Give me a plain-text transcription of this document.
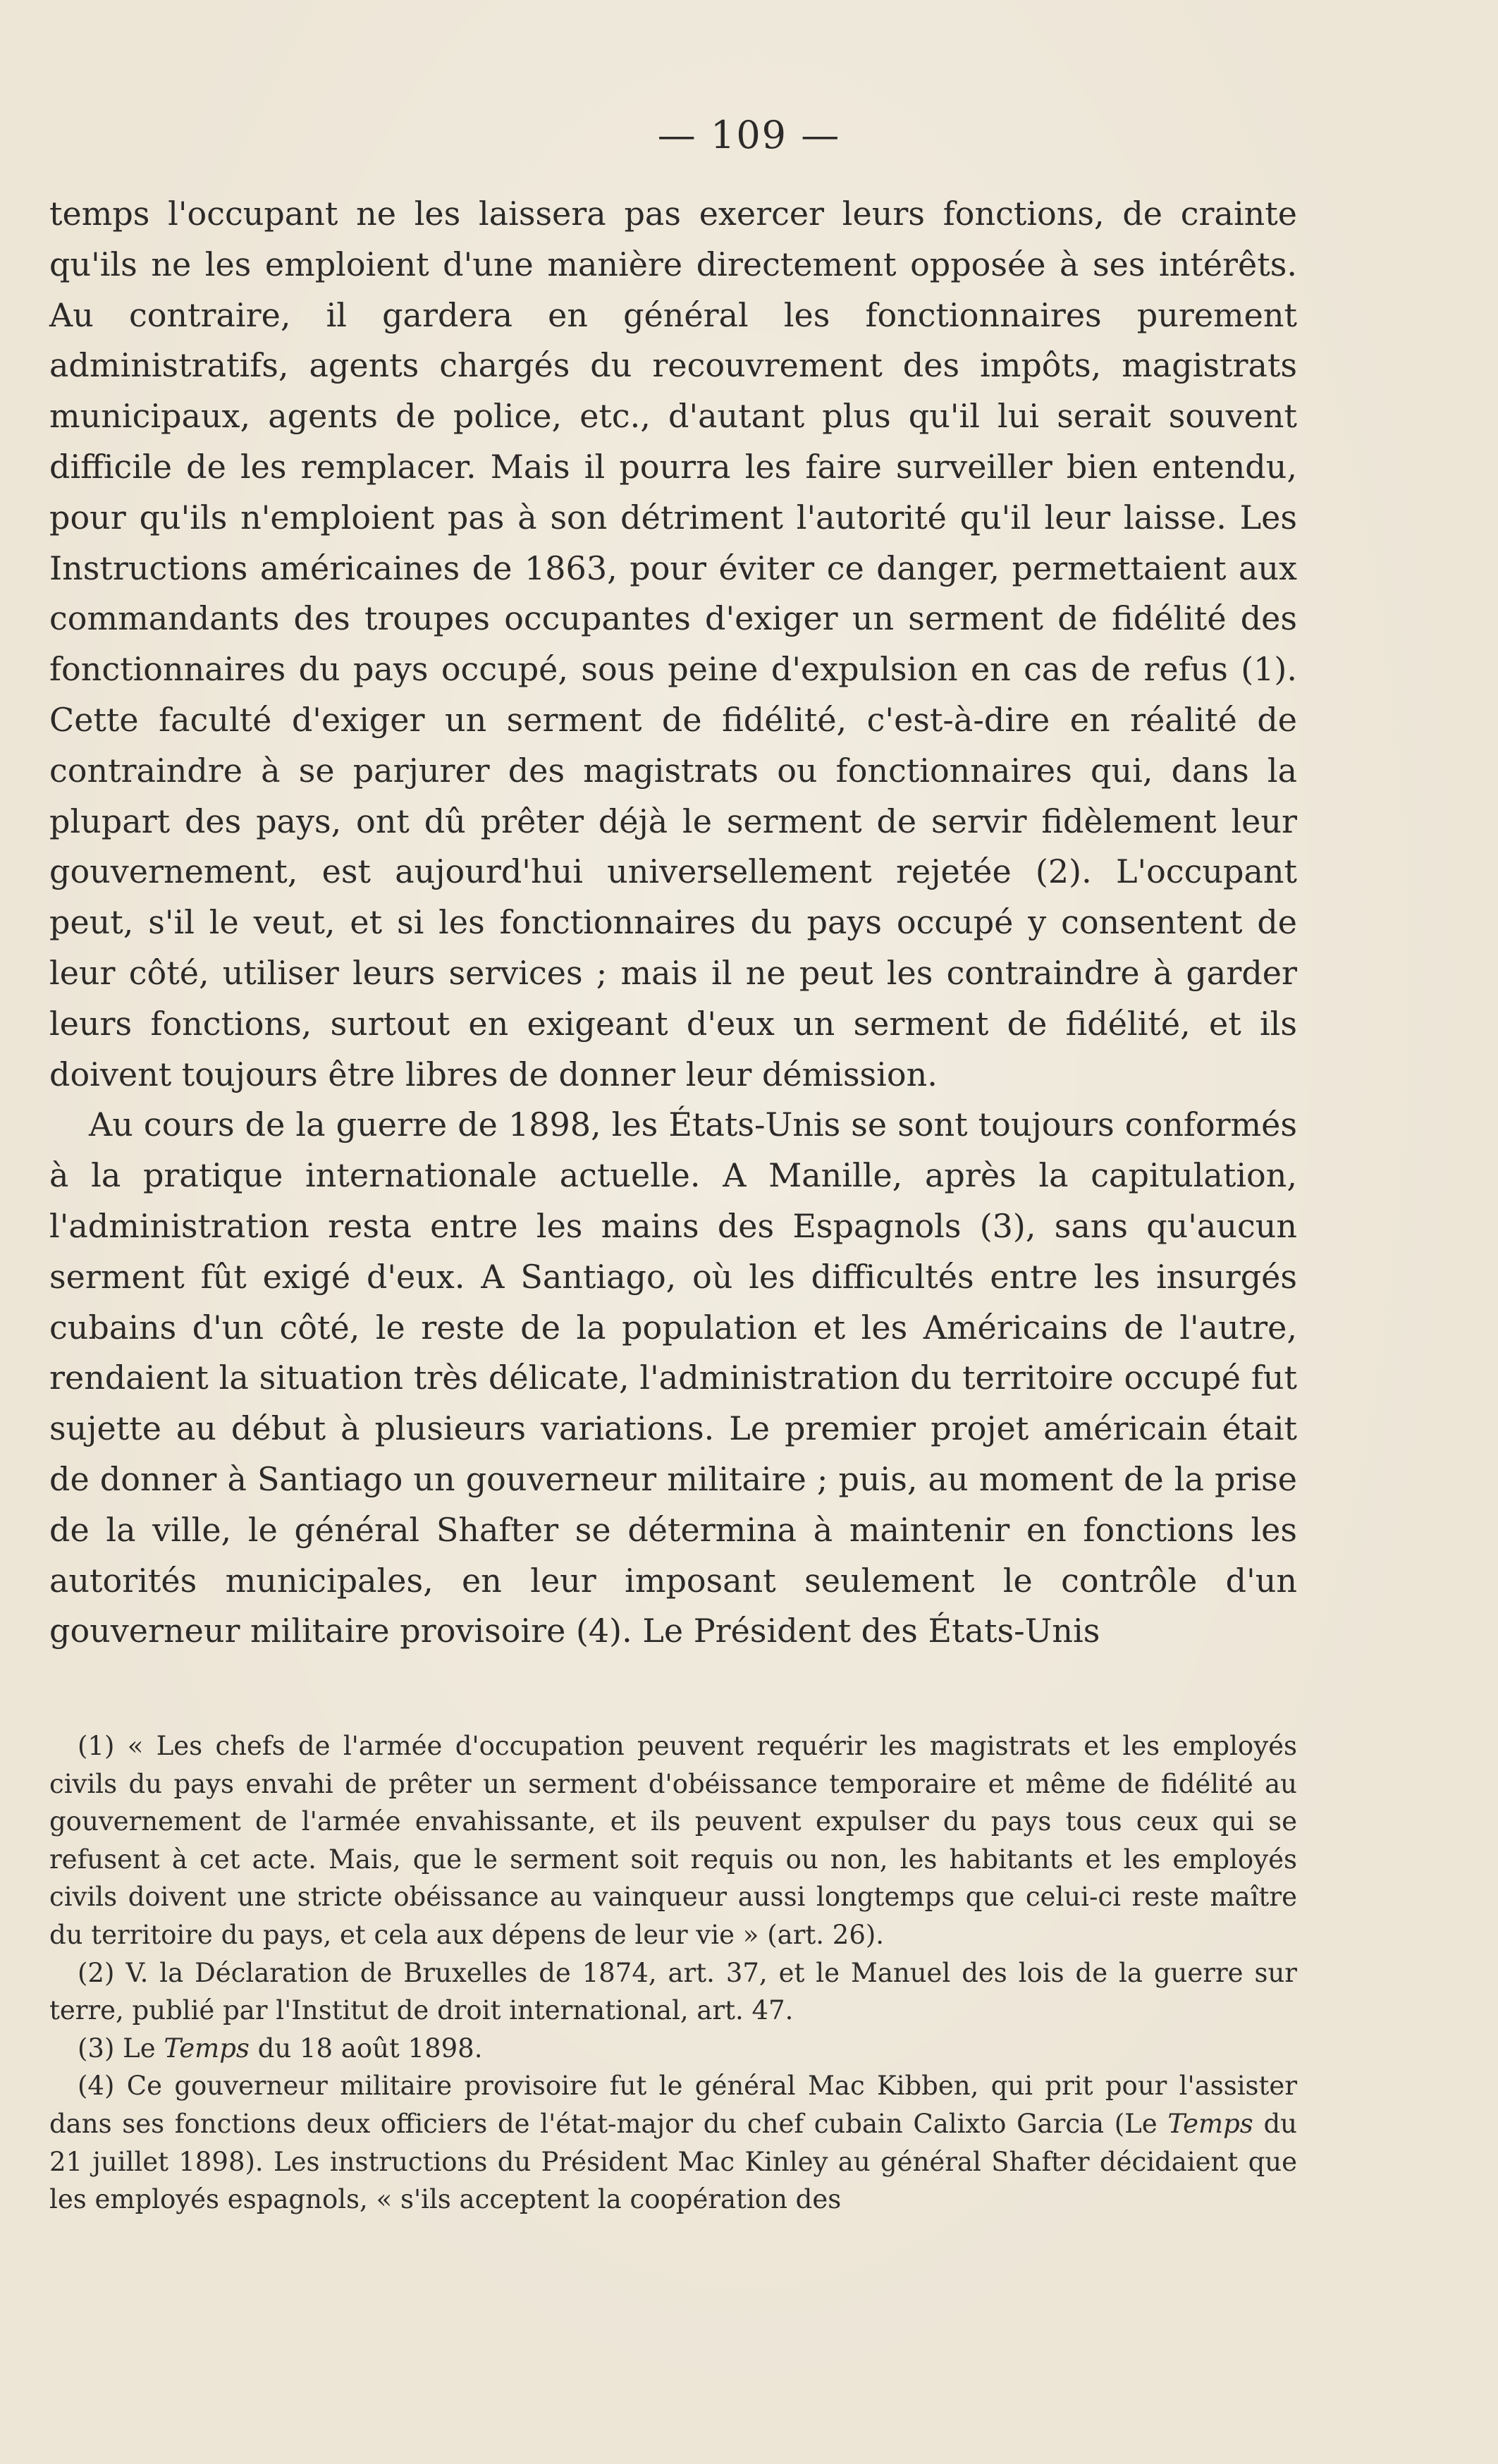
— 109 —

temps l'occupant ne les laissera pas exercer leurs fonctions, de crainte qu'ils ne les emploient d'une manière directement opposée à ses intérêts. Au contraire, il gardera en général les fonctionnaires purement administratifs, agents chargés du recouvrement des impôts, magistrats municipaux, agents de police, etc., d'autant plus qu'il lui serait souvent difficile de les remplacer. Mais il pourra les faire surveiller bien entendu, pour qu'ils n'emploient pas à son détriment l'autorité qu'il leur laisse. Les Instructions américaines de 1863, pour éviter ce danger, permettaient aux commandants des troupes occupantes d'exiger un serment de fidélité des fonctionnaires du pays occupé, sous peine d'expulsion en cas de refus (1). Cette faculté d'exiger un serment de fidélité, c'est-à-dire en réalité de contraindre à se parjurer des magistrats ou fonctionnaires qui, dans la plupart des pays, ont dû prêter déjà le serment de servir fidèlement leur gouvernement, est aujourd'hui universellement rejetée (2). L'occupant peut, s'il le veut, et si les fonctionnaires du pays occupé y consentent de leur côté, utiliser leurs services ; mais il ne peut les contraindre à garder leurs fonctions, surtout en exigeant d'eux un serment de fidélité, et ils doivent toujours être libres de donner leur démission.

Au cours de la guerre de 1898, les États-Unis se sont toujours conformés à la pratique internationale actuelle. A Manille, après la capitulation, l'administration resta entre les mains des Espagnols (3), sans qu'aucun serment fût exigé d'eux. A Santiago, où les difficultés entre les insurgés cubains d'un côté, le reste de la population et les Américains de l'autre, rendaient la situation très délicate, l'administration du territoire occupé fut sujette au début à plusieurs variations. Le premier projet américain était de donner à Santiago un gouverneur militaire ; puis, au moment de la prise de la ville, le général Shafter se détermina à maintenir en fonctions les autorités municipales, en leur imposant seulement le contrôle d'un gouverneur militaire provisoire (4). Le Président des États-Unis

(1) « Les chefs de l'armée d'occupation peuvent requérir les magistrats et les employés civils du pays envahi de prêter un serment d'obéissance temporaire et même de fidélité au gouvernement de l'armée envahissante, et ils peuvent expulser du pays tous ceux qui se refusent à cet acte. Mais, que le serment soit requis ou non, les habitants et les employés civils doivent une stricte obéissance au vainqueur aussi longtemps que celui-ci reste maître du territoire du pays, et cela aux dépens de leur vie » (art. 26).

(2) V. la Déclaration de Bruxelles de 1874, art. 37, et le Manuel des lois de la guerre sur terre, publié par l'Institut de droit international, art. 47.

(3) Le Temps du 18 août 1898.

(4) Ce gouverneur militaire provisoire fut le général Mac Kibben, qui prit pour l'assister dans ses fonctions deux officiers de l'état-major du chef cubain Calixto Garcia (Le Temps du 21 juillet 1898). Les instructions du Président Mac Kinley au général Shafter décidaient que les employés espagnols, « s'ils acceptent la coopération des
